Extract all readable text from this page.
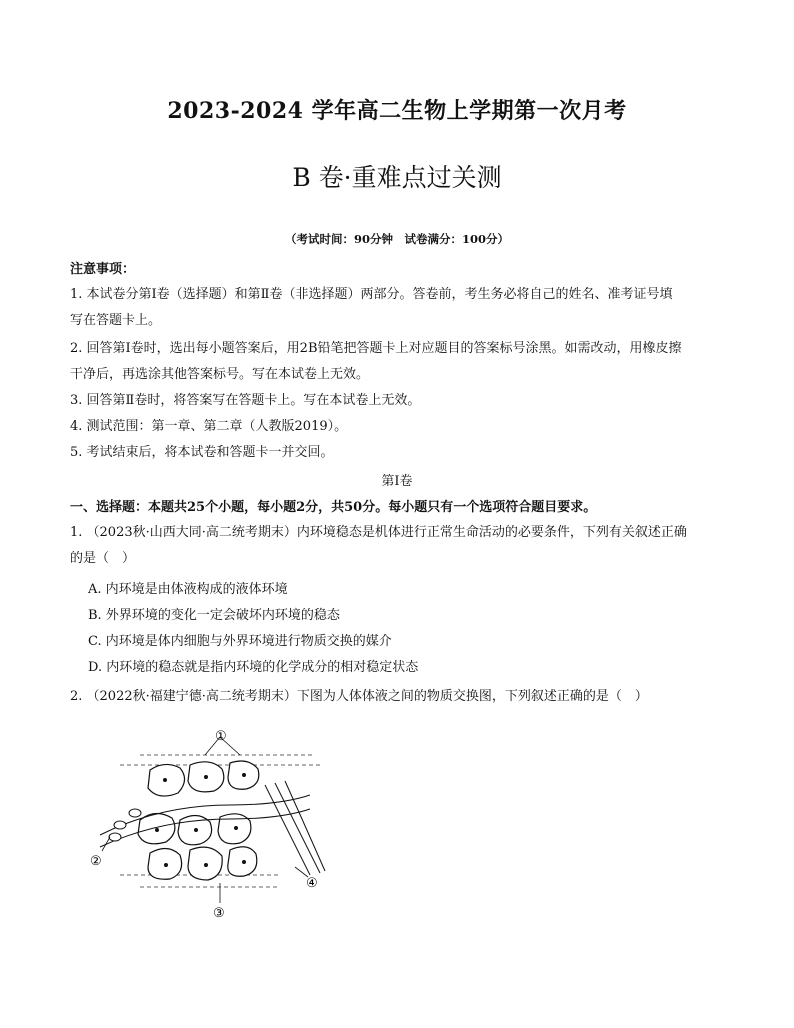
2023-2024 学年高二生物上学期第一次月考
B 卷·重难点过关测
（考试时间：90分钟　试卷满分：100分）
注意事项：
1. 本试卷分第Ⅰ卷（选择题）和第Ⅱ卷（非选择题）两部分。答卷前，考生务必将自己的姓名、准考证号填
写在答题卡上。
2. 回答第Ⅰ卷时，选出每小题答案后，用2B铅笔把答题卡上对应题目的答案标号涂黑。如需改动，用橡皮擦
干净后，再选涂其他答案标号。写在本试卷上无效。
3. 回答第Ⅱ卷时，将答案写在答题卡上。写在本试卷上无效。
4. 测试范围：第一章、第二章（人教版2019）。
5. 考试结束后，将本试卷和答题卡一并交回。
第Ⅰ卷
一、选择题：本题共25个小题，每小题2分，共50分。每小题只有一个选项符合题目要求。
1. （2023秋·山西大同·高二统考期末）内环境稳态是机体进行正常生命活动的必要条件，下列有关叙述正确
的是（　）
A. 内环境是由体液构成的液体环境
B. 外界环境的变化一定会破坏内环境的稳态
C. 内环境是体内细胞与外界环境进行物质交换的媒介
D. 内环境的稳态就是指内环境的化学成分的相对稳定状态
2. （2022秋·福建宁德·高二统考期末）下图为人体体液之间的物质交换图，下列叙述正确的是（　）
①
②
③
④
